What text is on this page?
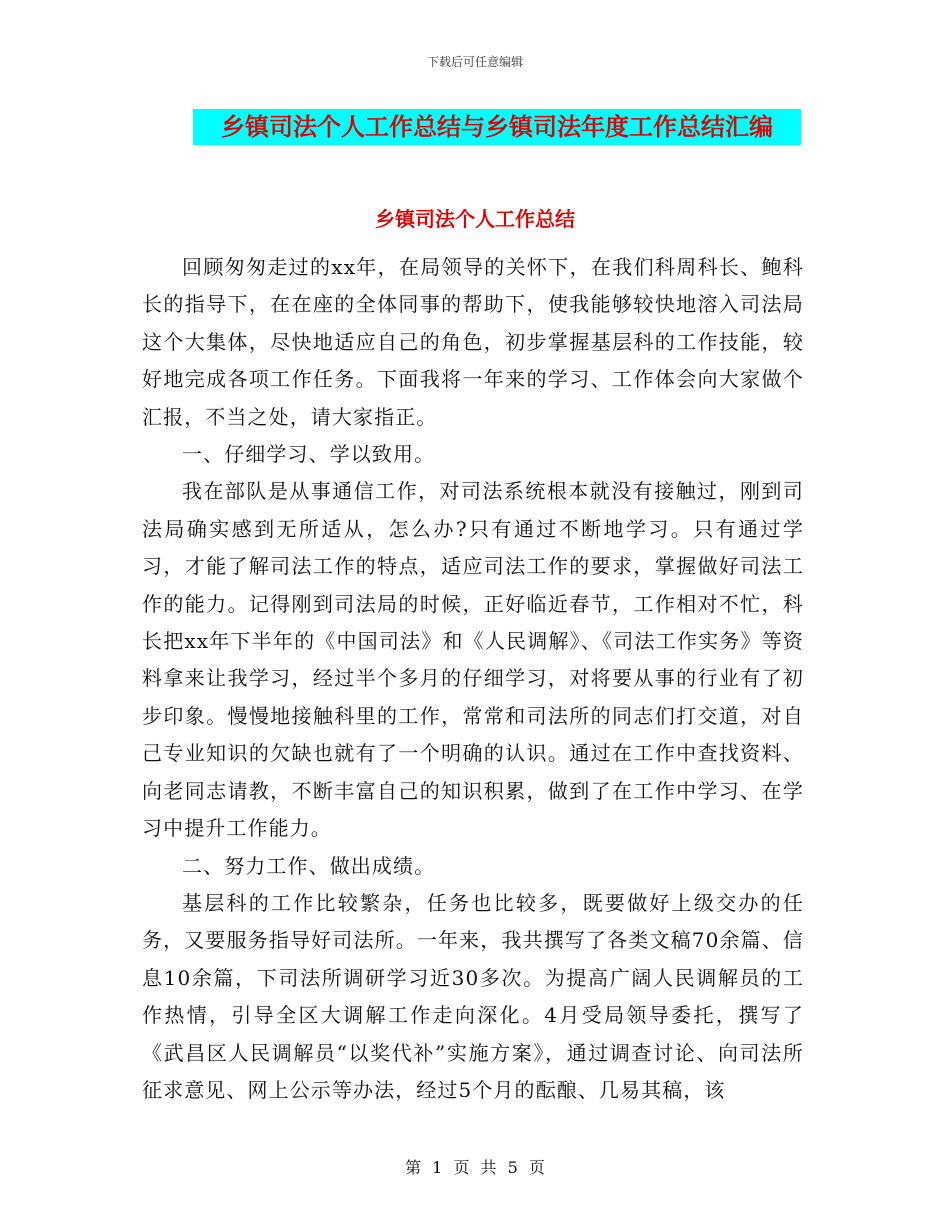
下载后可任意编辑
乡镇司法个人工作总结与乡镇司法年度工作总结汇编
乡镇司法个人工作总结

回顾匆匆走过的xx年，在局领导的关怀下，在我们科周科长、鲍科长的指导下，在在座的全体同事的帮助下，使我能够较快地溶入司法局这个大集体，尽快地适应自己的角色，初步掌握基层科的工作技能，较好地完成各项工作任务。下面我将一年来的学习、工作体会向大家做个汇报，不当之处，请大家指正。

一、仔细学习、学以致用。

我在部队是从事通信工作，对司法系统根本就没有接触过，刚到司法局确实感到无所适从，怎么办?只有通过不断地学习。只有通过学习，才能了解司法工作的特点，适应司法工作的要求，掌握做好司法工作的能力。记得刚到司法局的时候，正好临近春节，工作相对不忙，科长把xx年下半年的《中国司法》和《人民调解》、《司法工作实务》等资料拿来让我学习，经过半个多月的仔细学习，对将要从事的行业有了初步印象。慢慢地接触科里的工作，常常和司法所的同志们打交道，对自己专业知识的欠缺也就有了一个明确的认识。通过在工作中查找资料、向老同志请教，不断丰富自己的知识积累，做到了在工作中学习、在学习中提升工作能力。

二、努力工作、做出成绩。

基层科的工作比较繁杂，任务也比较多，既要做好上级交办的任务，又要服务指导好司法所。一年来，我共撰写了各类文稿70余篇、信息10余篇，下司法所调研学习近30多次。为提高广阔人民调解员的工作热情，引导全区大调解工作走向深化。4月受局领导委托，撰写了《武昌区人民调解员“以奖代补”实施方案》，通过调查讨论、向司法所征求意见、网上公示等办法，经过5个月的酝酿、几易其稿，该

第 1 页 共 5 页
